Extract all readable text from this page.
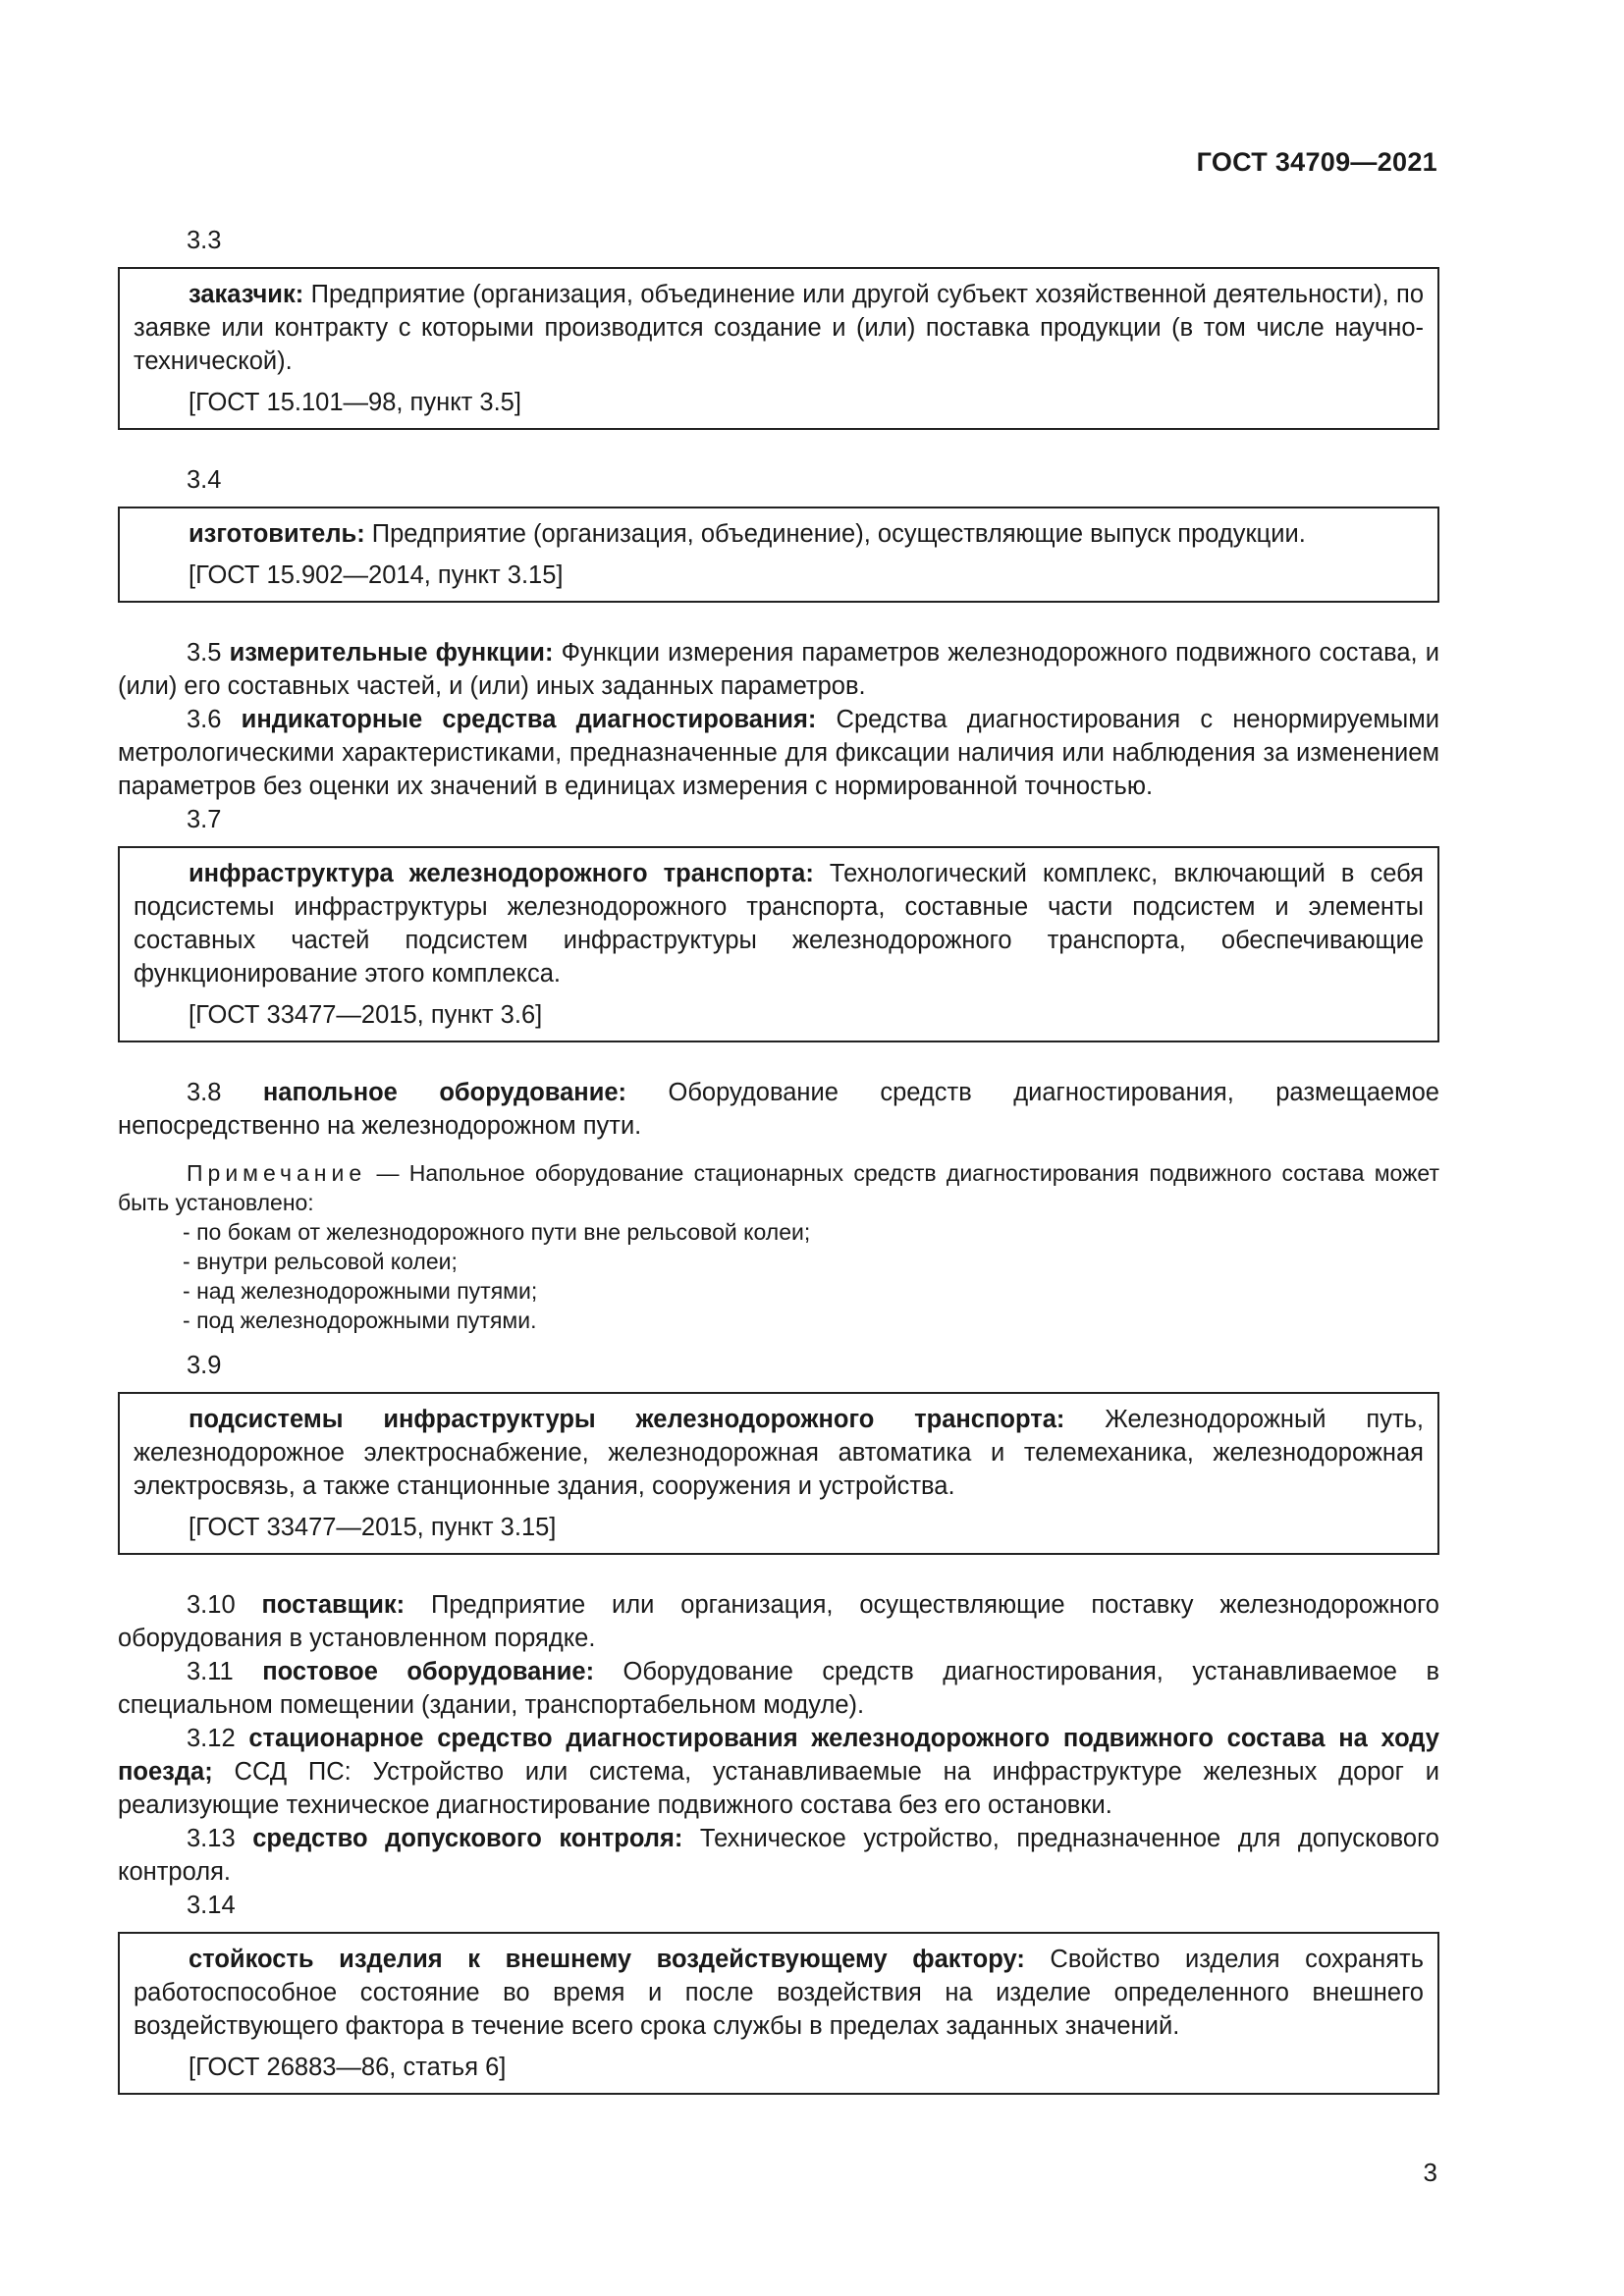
ГОСТ 34709—2021
3.3
заказчик: Предприятие (организация, объединение или другой субъект хозяйственной деятельности), по заявке или контракту с которыми производится создание и (или) поставка продукции (в том числе научно-технической).
[ГОСТ 15.101—98, пункт 3.5]
3.4
изготовитель: Предприятие (организация, объединение), осуществляющие выпуск продукции.
[ГОСТ 15.902—2014, пункт 3.15]
3.5 измерительные функции: Функции измерения параметров железнодорожного подвижного состава, и (или) его составных частей, и (или) иных заданных параметров.
3.6 индикаторные средства диагностирования: Средства диагностирования с ненормируемыми метрологическими характеристиками, предназначенные для фиксации наличия или наблюдения за изменением параметров без оценки их значений в единицах измерения с нормированной точностью.
3.7
инфраструктура железнодорожного транспорта: Технологический комплекс, включающий в себя подсистемы инфраструктуры железнодорожного транспорта, составные части подсистем и элементы составных частей подсистем инфраструктуры железнодорожного транспорта, обеспечивающие функционирование этого комплекса.
[ГОСТ 33477—2015, пункт 3.6]
3.8 напольное оборудование: Оборудование средств диагностирования, размещаемое непосредственно на железнодорожном пути.
Примечание — Напольное оборудование стационарных средств диагностирования подвижного состава может быть установлено:
- по бокам от железнодорожного пути вне рельсовой колеи;
- внутри рельсовой колеи;
- над железнодорожными путями;
- под железнодорожными путями.
3.9
подсистемы инфраструктуры железнодорожного транспорта: Железнодорожный путь, железнодорожное электроснабжение, железнодорожная автоматика и телемеханика, железнодорожная электросвязь, а также станционные здания, сооружения и устройства.
[ГОСТ 33477—2015, пункт 3.15]
3.10 поставщик: Предприятие или организация, осуществляющие поставку железнодорожного оборудования в установленном порядке.
3.11 постовое оборудование: Оборудование средств диагностирования, устанавливаемое в специальном помещении (здании, транспортабельном модуле).
3.12 стационарное средство диагностирования железнодорожного подвижного состава на ходу поезда; ССД ПС: Устройство или система, устанавливаемые на инфраструктуре железных дорог и реализующие техническое диагностирование подвижного состава без его остановки.
3.13 средство допускового контроля: Техническое устройство, предназначенное для допускового контроля.
3.14
стойкость изделия к внешнему воздействующему фактору: Свойство изделия сохранять работоспособное состояние во время и после воздействия на изделие определенного внешнего воздействующего фактора в течение всего срока службы в пределах заданных значений.
[ГОСТ 26883—86, статья 6]
3
